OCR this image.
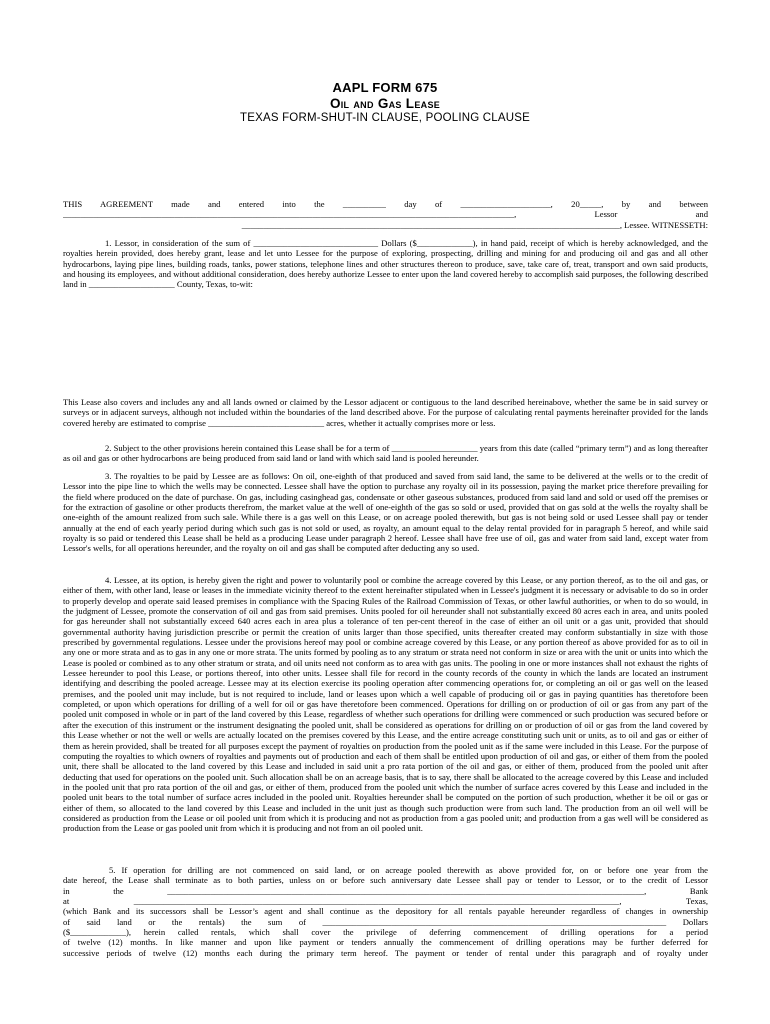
AAPL FORM 675
Oil and Gas Lease
TEXAS FORM-SHUT-IN CLAUSE, POOLING CLAUSE
THIS AGREEMENT made and entered into the __________ day of _____________________, 20_____, by and between
_________________________________________________________________________________________________________, Lessor and
________________________________________________________________________________________, Lessee. WITNESSETH:

1. Lessor, in consideration of the sum of _____________________________ Dollars ($_____________), in hand paid, receipt of which is hereby acknowledged, and the royalties herein provided, does hereby grant, lease and let unto Lessee for the purpose of exploring, prospecting, drilling and mining for and producing oil and gas and all other hydrocarbons, laying pipe lines, building roads, tanks, power stations, telephone lines and other structures thereon to produce, save, take care of, treat, transport and own said products, and housing its employees, and without additional consideration, does hereby authorize Lessee to enter upon the land covered hereby to accomplish said purposes, the following described land in ____________________ County, Texas, to-wit:

This Lease also covers and includes any and all lands owned or claimed by the Lessor adjacent or contiguous to the land described hereinabove, whether the same be in said survey or surveys or in adjacent surveys, although not included within the boundaries of the land described above. For the purpose of calculating rental payments hereinafter provided for the lands covered hereby are estimated to comprise ___________________________ acres, whether it actually comprises more or less.

2. Subject to the other provisions herein contained this Lease shall be for a term of ____________________ years from this date (called “primary term”) and as long thereafter as oil and gas or other hydrocarbons are being produced from said land or land with which said land is pooled hereunder.

3. The royalties to be paid by Lessee are as follows: On oil, one-eighth of that produced and saved from said land, the same to be delivered at the wells or to the credit of Lessor into the pipe line to which the wells may be connected. Lessee shall have the option to purchase any royalty oil in its possession, paying the market price therefore prevailing for the field where produced on the date of purchase. On gas, including casinghead gas, condensate or other gaseous substances, produced from said land and sold or used off the premises or for the extraction of gasoline or other products therefrom, the market value at the well of one-eighth of the gas so sold or used, provided that on gas sold at the wells the royalty shall be one-eighth of the amount realized from such sale. While there is a gas well on this Lease, or on acreage pooled therewith, but gas is not being sold or used Lessee shall pay or tender annually at the end of each yearly period during which such gas is not sold or used, as royalty, an amount equal to the delay rental provided for in paragraph 5 hereof, and while said royalty is so paid or tendered this Lease shall be held as a producing Lease under paragraph 2 hereof. Lessee shall have free use of oil, gas and water from said land, except water from Lessor's wells, for all operations hereunder, and the royalty on oil and gas shall be computed after deducting any so used.

4. Lessee, at its option, is hereby given the right and power to voluntarily pool or combine the acreage covered by this Lease, or any portion thereof, as to the oil and gas, or either of them, with other land, lease or leases in the immediate vicinity thereof to the extent hereinafter stipulated when in Lessee's judgment it is necessary or advisable to do so in order to properly develop and operate said leased premises in compliance with the Spacing Rules of the Railroad Commission of Texas, or other lawful authorities, or when to do so would, in the judgment of Lessee, promote the conservation of oil and gas from said premises. Units pooled for oil hereunder shall not substantially exceed 80 acres each in area, and units pooled for gas hereunder shall not substantially exceed 640 acres each in area plus a tolerance of ten per-cent thereof in the case of either an oil unit or a gas unit, provided that should governmental authority having jurisdiction prescribe or permit the creation of units larger than those specified, units thereafter created may conform substantially in size with those prescribed by governmental regulations. Lessee under the provisions hereof may pool or combine acreage covered by this Lease, or any portion thereof as above provided for as to oil in any one or more strata and as to gas in any one or more strata. The units formed by pooling as to any stratum or strata need not conform in size or area with the unit or units into which the Lease is pooled or combined as to any other stratum or strata, and oil units need not conform as to area with gas units. The pooling in one or more instances shall not exhaust the rights of Lessee hereunder to pool this Lease, or portions thereof, into other units. Lessee shall file for record in the county records of the county in which the lands are located an instrument identifying and describing the pooled acreage. Lessee may at its election exercise its pooling operation after commencing operations for, or completing an oil or gas well on the leased premises, and the pooled unit may include, but is not required to include, land or leases upon which a well capable of producing oil or gas in paying quantities has theretofore been completed, or upon which operations for drilling of a well for oil or gas have theretofore been commenced. Operations for drilling on or production of oil or gas from any part of the pooled unit composed in whole or in part of the land covered by this Lease, regardless of whether such operations for drilling were commenced or such production was secured before or after the execution of this instrument or the instrument designating the pooled unit, shall be considered as operations for drilling on or production of oil or gas from the land covered by this Lease whether or not the well or wells are actually located on the premises covered by this Lease, and the entire acreage constituting such unit or units, as to oil and gas or either of them as herein provided, shall be treated for all purposes except the payment of royalties on production from the pooled unit as if the same were included in this Lease. For the purpose of computing the royalties to which owners of royalties and payments out of production and each of them shall be entitled upon production of oil and gas, or either of them from the pooled unit, there shall be allocated to the land covered by this Lease and included in said unit a pro rata portion of the oil and gas, or either of them, produced from the pooled unit after deducting that used for operations on the pooled unit. Such allocation shall be on an acreage basis, that is to say, there shall be allocated to the acreage covered by this Lease and included in the pooled unit that pro rata portion of the oil and gas, or either of them, produced from the pooled unit which the number of surface acres covered by this Lease and included in the pooled unit bears to the total number of surface acres included in the pooled unit. Royalties hereunder shall be computed on the portion of such production, whether it be oil or gas or either of them, so allocated to the land covered by this Lease and included in the unit just as though such production were from such land. The production from an oil well will be considered as production from the Lease or oil pooled unit from which it is producing and not as production from a gas pooled unit; and production from a gas well will be considered as production from the Lease or gas pooled unit from which it is producing and not from an oil pooled unit.

5. If operation for drilling are not commenced on said land, or on acreage pooled therewith as above provided for, on or before one year from the
date hereof, the Lease shall terminate as to both parties, unless on or before such anniversary date Lessee shall pay or tender to Lessor, or to the credit of Lessor
in the _______________________________________________________________________________________________________________, Bank
at _________________________________________________________________________________________________________________, Texas,
(which Bank and its successors shall be Lessor’s agent and shall continue as the depository for all rentals payable hereunder regardless of changes in ownership
of said land or the rentals) the sum of ________________________________________________________________________________ Dollars
($_____________), herein called rentals, which shall cover the privilege of deferring commencement of drilling operations for a period
of twelve (12) months. In like manner and upon like payment or tenders annually the commencement of drilling operations may be further deferred for
successive periods of twelve (12) months each during the primary term hereof. The payment or tender of rental under this paragraph and of royalty under
